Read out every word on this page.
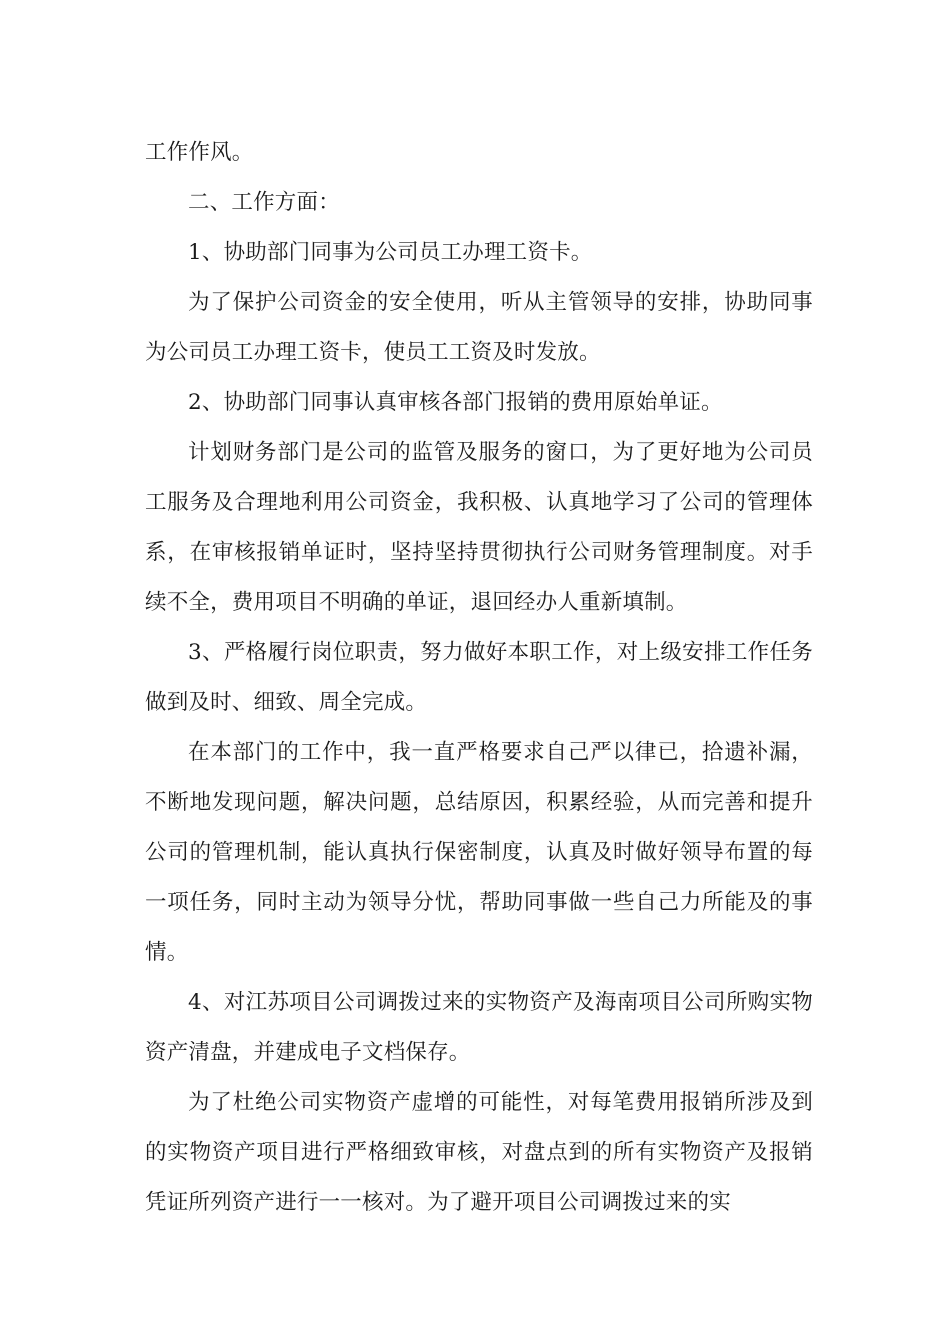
工作作风。

二、工作方面：

1、协助部门同事为公司员工办理工资卡。

为了保护公司资金的安全使用，听从主管领导的安排，协助同事为公司员工办理工资卡，使员工工资及时发放。

2、协助部门同事认真审核各部门报销的费用原始单证。

计划财务部门是公司的监管及服务的窗口，为了更好地为公司员工服务及合理地利用公司资金，我积极、认真地学习了公司的管理体系，在审核报销单证时，坚持坚持贯彻执行公司财务管理制度。对手续不全，费用项目不明确的单证，退回经办人重新填制。

3、严格履行岗位职责，努力做好本职工作，对上级安排工作任务做到及时、细致、周全完成。

在本部门的工作中，我一直严格要求自己严以律已，拾遗补漏，不断地发现问题，解决问题，总结原因，积累经验，从而完善和提升公司的管理机制，能认真执行保密制度，认真及时做好领导布置的每一项任务，同时主动为领导分忧，帮助同事做一些自己力所能及的事情。

4、对江苏项目公司调拨过来的实物资产及海南项目公司所购实物资产清盘，并建成电子文档保存。

为了杜绝公司实物资产虚增的可能性，对每笔费用报销所涉及到的实物资产项目进行严格细致审核，对盘点到的所有实物资产及报销凭证所列资产进行一一核对。为了避开项目公司调拨过来的实
